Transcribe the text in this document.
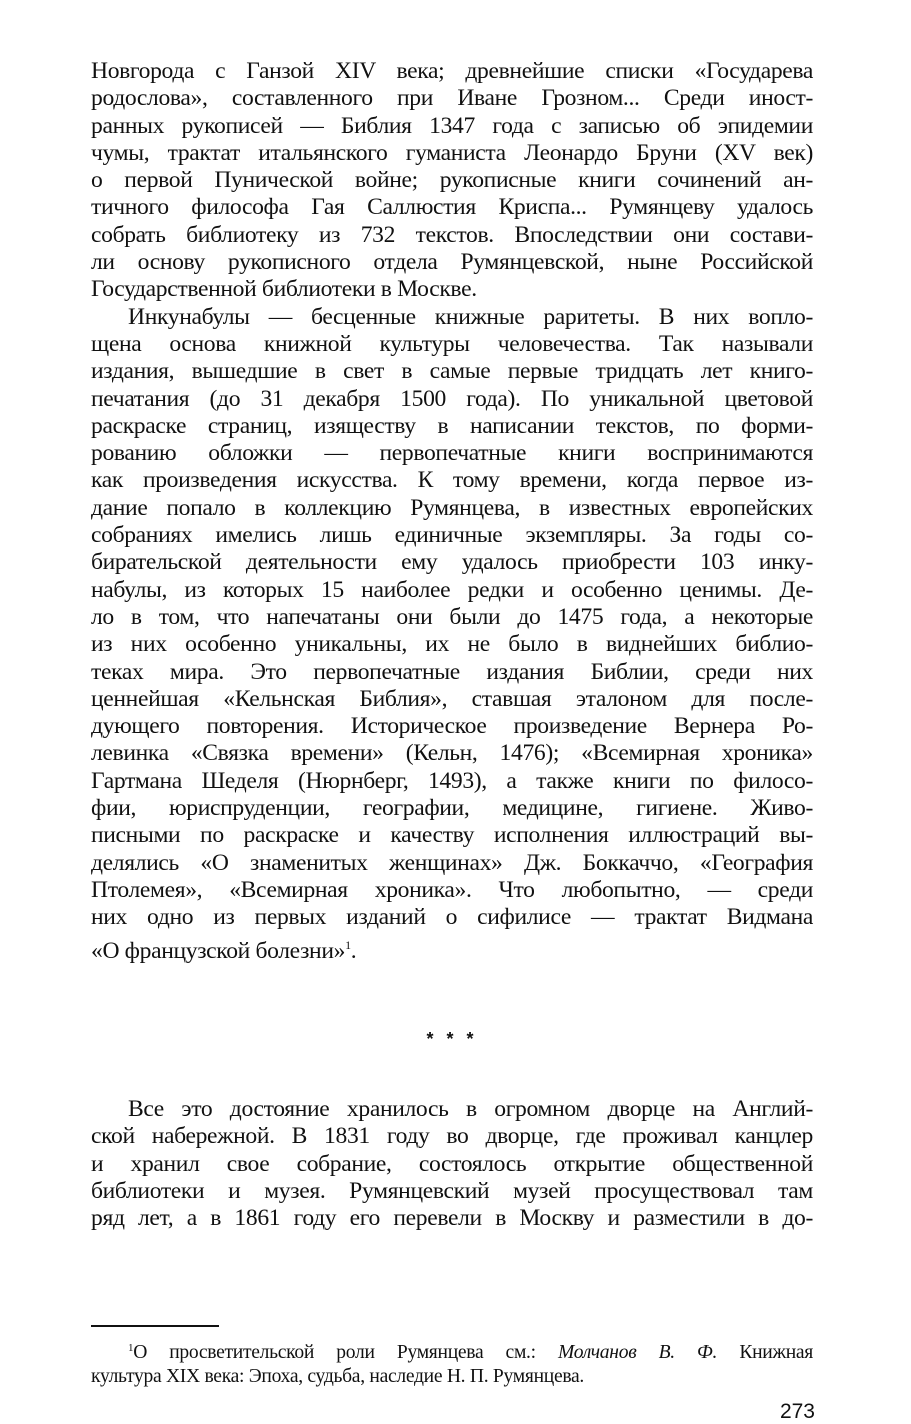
Новгорода с Ганзой XIV века; древнейшие списки «Государева
родослова», составленного при Иване Грозном... Среди иност-
ранных рукописей — Библия 1347 года с записью об эпидемии
чумы, трактат итальянского гуманиста Леонардо Бруни (XV век)
о первой Пунической войне; рукописные книги сочинений ан-
тичного философа Гая Саллюстия Криспа... Румянцеву удалось
собрать библиотеку из 732 текстов. Впоследствии они состави-
ли основу рукописного отдела Румянцевской, ныне Российской
Государственной библиотеки в Москве.
Инкунабулы — бесценные книжные раритеты. В них вопло-
щена основа книжной культуры человечества. Так называли
издания, вышедшие в свет в самые первые тридцать лет книго-
печатания (до 31 декабря 1500 года). По уникальной цветовой
раскраске страниц, изяществу в написании текстов, по форми-
рованию обложки — первопечатные книги воспринимаются
как произведения искусства. К тому времени, когда первое из-
дание попало в коллекцию Румянцева, в известных европейских
собраниях имелись лишь единичные экземпляры. За годы со-
бирательской деятельности ему удалось приобрести 103 инку-
набулы, из которых 15 наиболее редки и особенно ценимы. Де-
ло в том, что напечатаны они были до 1475 года, а некоторые
из них особенно уникальны, их не было в виднейших библио-
теках мира. Это первопечатные издания Библии, среди них
ценнейшая «Кельнская Библия», ставшая эталоном для после-
дующего повторения. Историческое произведение Вернера Ро-
левинка «Связка времени» (Кельн, 1476); «Всемирная хроника»
Гартмана Шеделя (Нюрнберг, 1493), а также книги по филосо-
фии, юриспруденции, географии, медицине, гигиене. Живо-
писными по раскраске и качеству исполнения иллюстраций вы-
делялись «О знаменитых женщинах» Дж. Боккаччо, «География
Птолемея», «Всемирная хроника». Что любопытно, — среди
них одно из первых изданий о сифилисе — трактат Видмана
«О французской болезни»$^1$.
* * *
Все это достояние хранилось в огромном дворце на Англий-
ской набережной. В 1831 году во дворце, где проживал канцлер
и хранил свое собрание, состоялось открытие общественной
библиотеки и музея. Румянцевский музей просуществовал там
ряд лет, а в 1861 году его перевели в Москву и разместили в до-
$^1$О просветительской роли Румянцева см.: Молчанов В. Ф. Книжная
культура XIX века: Эпоха, судьба, наследие Н. П. Румянцева.
273
